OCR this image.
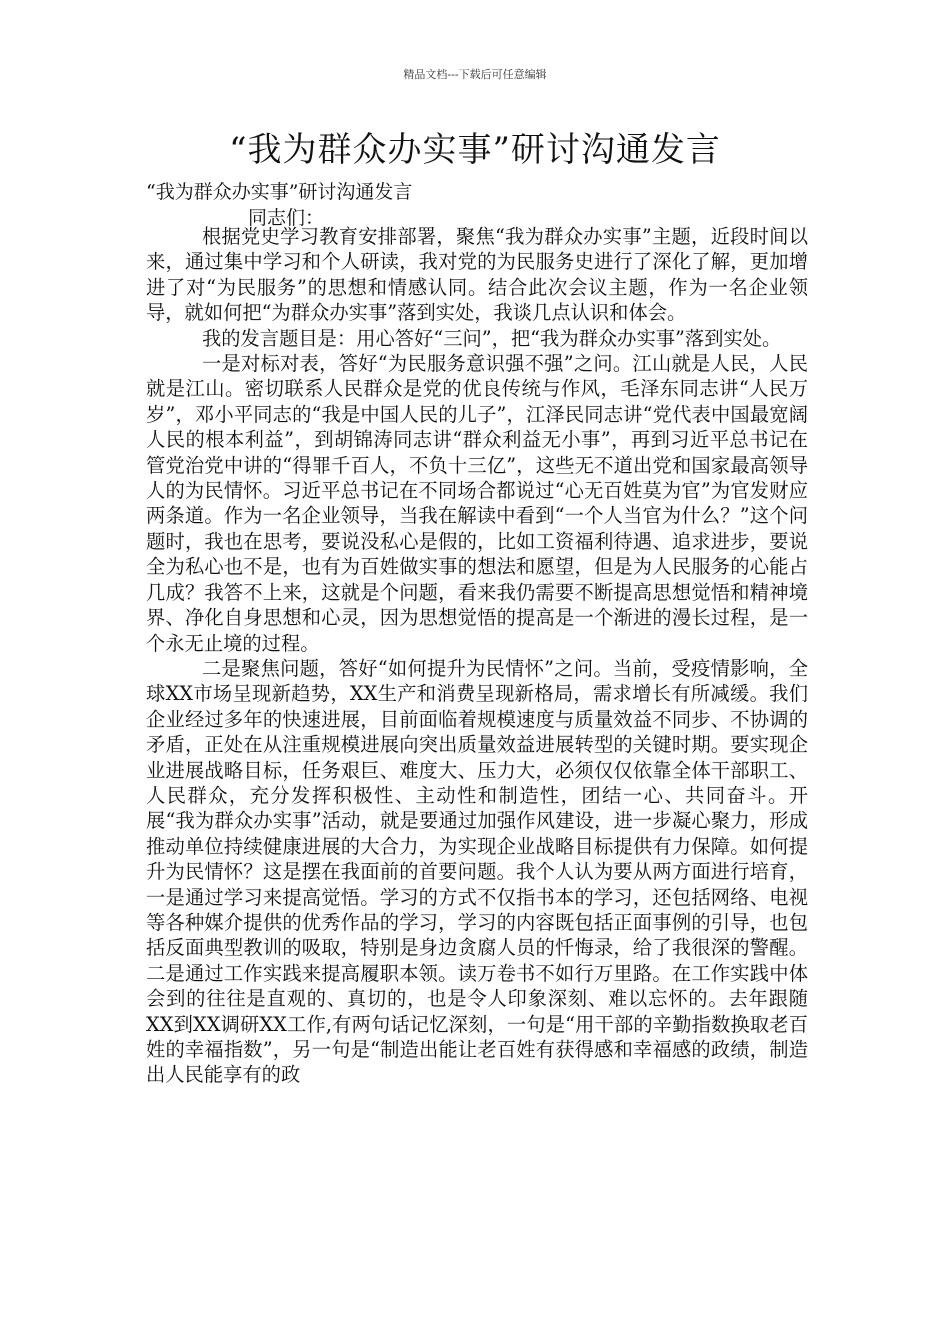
精品文档---下载后可任意编辑
“我为群众办实事”研讨沟通发言
“我为群众办实事”研讨沟通发言
同志们：

根据党史学习教育安排部署，聚焦“我为群众办实事”主题，近段时间以来，通过集中学习和个人研读，我对党的为民服务史进行了深化了解，更加增进了对“为民服务”的思想和情感认同。结合此次会议主题，作为一名企业领导，就如何把“为群众办实事”落到实处，我谈几点认识和体会。

我的发言题目是：用心答好“三问”，把“我为群众办实事”落到实处。

一是对标对表，答好“为民服务意识强不强”之问。江山就是人民，人民就是江山。密切联系人民群众是党的优良传统与作风，毛泽东同志讲“人民万岁”，邓小平同志的“我是中国人民的儿子”，江泽民同志讲“党代表中国最宽阔人民的根本利益”，到胡锦涛同志讲“群众利益无小事”，再到习近平总书记在管党治党中讲的“得罪千百人，不负十三亿”，这些无不道出党和国家最高领导人的为民情怀。习近平总书记在不同场合都说过“心无百姓莫为官”为官发财应两条道。作为一名企业领导，当我在解读中看到“一个人当官为什么？”这个问题时，我也在思考，要说没私心是假的，比如工资福利待遇、追求进步，要说全为私心也不是，也有为百姓做实事的想法和愿望，但是为人民服务的心能占几成？我答不上来，这就是个问题，看来我仍需要不断提高思想觉悟和精神境界、净化自身思想和心灵，因为思想觉悟的提高是一个渐进的漫长过程，是一个永无止境的过程。

二是聚焦问题，答好“如何提升为民情怀”之问。当前，受疫情影响，全球XX市场呈现新趋势，XX生产和消费呈现新格局，需求增长有所减缓。我们企业经过多年的快速进展，目前面临着规模速度与质量效益不同步、不协调的矛盾，正处在从注重规模进展向突出质量效益进展转型的关键时期。要实现企业进展战略目标，任务艰巨、难度大、压力大，必须仅仅依靠全体干部职工、人民群众，充分发挥积极性、主动性和制造性，团结一心、共同奋斗。开展“我为群众办实事”活动，就是要通过加强作风建设，进一步凝心聚力，形成推动单位持续健康进展的大合力，为实现企业战略目标提供有力保障。如何提升为民情怀？这是摆在我面前的首要问题。我个人认为要从两方面进行培育，一是通过学习来提高觉悟。学习的方式不仅指书本的学习，还包括网络、电视等各种媒介提供的优秀作品的学习，学习的内容既包括正面事例的引导，也包括反面典型教训的吸取，特别是身边贪腐人员的忏悔录，给了我很深的警醒。二是通过工作实践来提高履职本领。读万卷书不如行万里路。在工作实践中体会到的往往是直观的、真切的，也是令人印象深刻、难以忘怀的。去年跟随XX到XX调研XX工作,有两句话记忆深刻，一句是“用干部的辛勤指数换取老百姓的幸福指数”，另一句是“制造出能让老百姓有获得感和幸福感的政绩，制造出人民能享有的政
